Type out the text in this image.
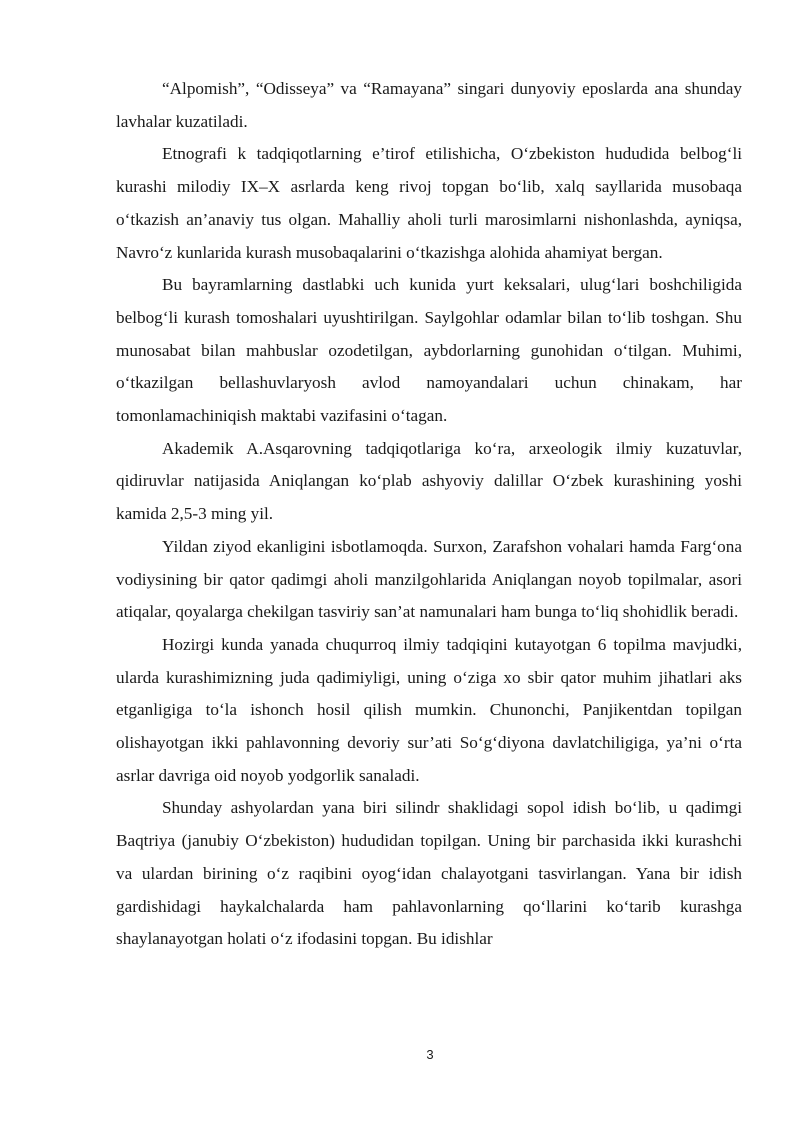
“Alpomish”, “Odisseya” va “Ramayana” singari dunyoviy eposlarda ana shunday lavhalar kuzatiladi.

Etnografi k tadqiqotlarning e’tirof etilishicha, O‘zbekiston hududida belbog‘li kurashi milodiy IX–X asrlarda keng rivoj topgan bo‘lib, xalq sayllarida musobaqa o‘tkazish an’anaviy tus olgan. Mahalliy aholi turli marosimlarni nishonlashda, ayniqsa, Navro‘z kunlarida kurash musobaqalarini o‘tkazishga alohida ahamiyat bergan.

Bu bayramlarning dastlabki uch kunida yurt keksalari, ulug‘lari boshchiligida belbog‘li kurash tomoshalari uyushtirilgan. Saylgohlar odamlar bilan to‘lib toshgan. Shu munosabat bilan mahbuslar ozodetilgan, aybdorlarning gunohidan o‘tilgan. Muhimi, o‘tkazilgan bellashuvlaryosh avlod namoyandalari uchun chinakam, har tomonlamachiniqish maktabi vazifasini o‘tagan.

Akademik A.Asqarovning tadqiqotlariga ko‘ra, arxeologik ilmiy kuzatuvlar, qidiruvlar natijasida Aniqlangan ko‘plab ashyoviy dalillar O‘zbek kurashining yoshi kamida 2,5-3 ming yil.

Yildan ziyod ekanligini isbotlamoqda. Surxon, Zarafshon vohalari hamda Farg‘ona vodiysining bir qator qadimgi aholi manzilgohlarida Aniqlangan noyob topilmalar, asori atiqalar, qoyalarga chekilgan tasviriy san’at namunalari ham bunga to‘liq shohidlik beradi.

Hozirgi kunda yanada chuqurroq ilmiy tadqiqini kutayotgan 6 topilma mavjudki, ularda kurashimizning juda qadimiyligi, uning o‘ziga xo sbir qator muhim jihatlari aks etganligiga to‘la ishonch hosil qilish mumkin. Chunonchi, Panjikentdan topilgan olishayotgan ikki pahlavonning devoriy sur’ati So‘g‘diyona davlatchiligiga, ya’ni o‘rta asrlar davriga oid noyob yodgorlik sanaladi.

Shunday ashyolardan yana biri silindr shaklidagi sopol idish bo‘lib, u qadimgi Baqtriya (janubiy O‘zbekiston) hududidan topilgan. Uning bir parchasida ikki kurashchi va ulardan birining o‘z raqibini oyog‘idan chalayotgani tasvirlangan. Yana bir idish gardishidagi haykalchalarda ham pahlavonlarning qo‘llarini ko‘tarib kurashga shaylanayotgan holati o‘z ifodasini topgan. Bu idishlar

3
